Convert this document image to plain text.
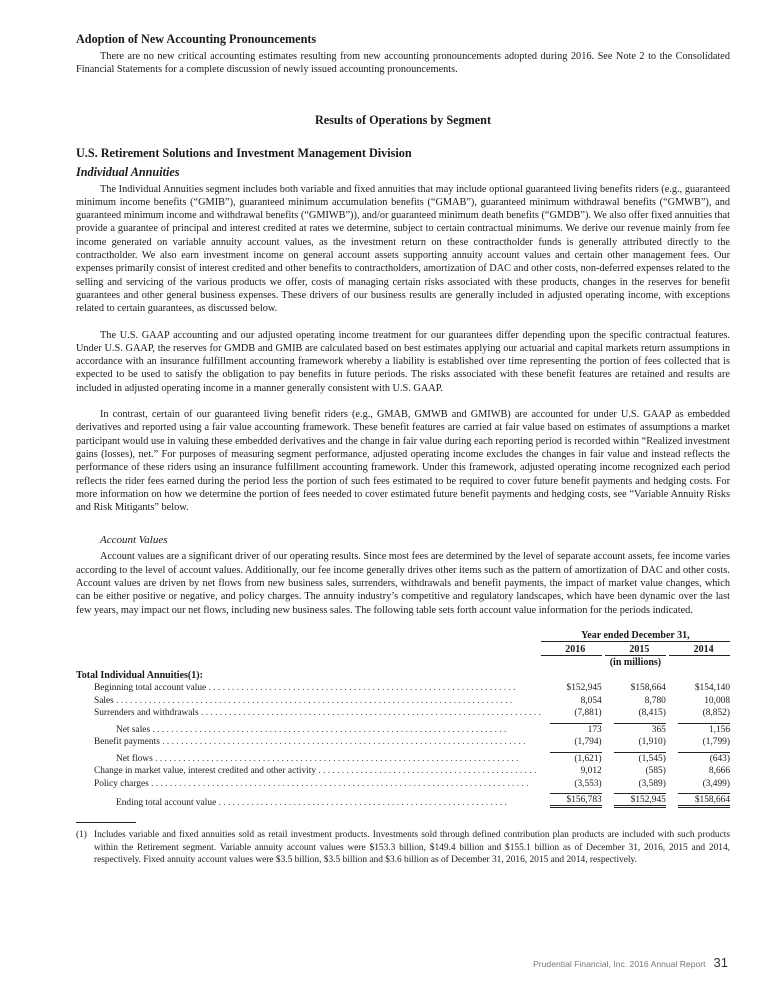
Adoption of New Accounting Pronouncements

There are no new critical accounting estimates resulting from new accounting pronouncements adopted during 2016. See Note 2 to the Consolidated Financial Statements for a complete discussion of newly issued accounting pronouncements.

Results of Operations by Segment
U.S. Retirement Solutions and Investment Management Division
Individual Annuities

The Individual Annuities segment includes both variable and fixed annuities that may include optional guaranteed living benefits riders (e.g., guaranteed minimum income benefits (“GMIB”), guaranteed minimum accumulation benefits (“GMAB”), guaranteed minimum withdrawal benefits (“GMWB”), and guaranteed minimum income and withdrawal benefits (“GMIWB”)), and/or guaranteed minimum death benefits (“GMDB”). We also offer fixed annuities that provide a guarantee of principal and interest credited at rates we determine, subject to certain contractual minimums. We derive our revenue mainly from fee income generated on variable annuity account values, as the investment return on these contractholder funds is generally attributed directly to the contractholder. We also earn investment income on general account assets supporting annuity account values and certain other management fees. Our expenses primarily consist of interest credited and other benefits to contractholders, amortization of DAC and other costs, non-deferred expenses related to the selling and servicing of the various products we offer, costs of managing certain risks associated with these products, changes in the reserves for benefit guarantees and other general business expenses. These drivers of our business results are generally included in adjusted operating income, with exceptions related to certain guarantees, as discussed below.

The U.S. GAAP accounting and our adjusted operating income treatment for our guarantees differ depending upon the specific contractual features. Under U.S. GAAP, the reserves for GMDB and GMIB are calculated based on best estimates applying our actuarial and capital markets return assumptions in accordance with an insurance fulfillment accounting framework whereby a liability is established over time representing the portion of fees collected that is expected to be used to satisfy the obligation to pay benefits in future periods. The risks associated with these benefit features are retained and results are included in adjusted operating income in a manner generally consistent with U.S. GAAP.

In contrast, certain of our guaranteed living benefit riders (e.g., GMAB, GMWB and GMIWB) are accounted for under U.S. GAAP as embedded derivatives and reported using a fair value accounting framework. These benefit features are carried at fair value based on estimates of assumptions a market participant would use in valuing these embedded derivatives and the change in fair value during each reporting period is recorded within “Realized investment gains (losses), net.” For purposes of measuring segment performance, adjusted operating income excludes the changes in fair value and instead reflects the performance of these riders using an insurance fulfillment accounting framework. Under this framework, adjusted operating income recognized each period reflects the rider fees earned during the period less the portion of such fees estimated to be required to cover future benefit payments and hedging costs. For more information on how we determine the portion of fees needed to cover estimated future benefit payments and hedging costs, see “Variable Annuity Risks and Risk Mitigants” below.

Account Values

Account values are a significant driver of our operating results. Since most fees are determined by the level of separate account assets, fee income varies according to the level of account values. Additionally, our fee income generally drives other items such as the pattern of amortization of DAC and other costs. Account values are driven by net flows from new business sales, surrenders, withdrawals and benefit payments, the impact of market value changes, which can be either positive or negative, and policy charges. The annuity industry’s competitive and regulatory landscapes, which have been dynamic over the last few years, may impact our net flows, including new business sales. The following table sets forth account value information for the periods indicated.

	Year ended December 31,				
	2016		2015		2014
	(in millions)				
Total Individual Annuities(1):					
Beginning total account value . . . . . . . . . . . . . . . . . . . . . . . . . . . . . . . . . . . . . . . . . . . . . . . . . . . . . . . . . . . . . . . . . .	$152,945		$158,664		$154,140
Sales . . . . . . . . . . . . . . . . . . . . . . . . . . . . . . . . . . . . . . . . . . . . . . . . . . . . . . . . . . . . . . . . . . . . . . . . . . . . . . . . . . . . .	8,054		8,780		10,008
Surrenders and withdrawals . . . . . . . . . . . . . . . . . . . . . . . . . . . . . . . . . . . . . . . . . . . . . . . . . . . . . . . . . . . . . . . . . . . . . . . . .	(7,881)		(8,415)		(8,852)
Net sales . . . . . . . . . . . . . . . . . . . . . . . . . . . . . . . . . . . . . . . . . . . . . . . . . . . . . . . . . . . . . . . . . . . . . . . . . . . .	173		365		1,156
Benefit payments . . . . . . . . . . . . . . . . . . . . . . . . . . . . . . . . . . . . . . . . . . . . . . . . . . . . . . . . . . . . . . . . . . . . . . . . . . . . . .	(1,794)		(1,910)		(1,799)
Net flows . . . . . . . . . . . . . . . . . . . . . . . . . . . . . . . . . . . . . . . . . . . . . . . . . . . . . . . . . . . . . . . . . . . . . . . . . . . . . .	(1,621)		(1,545)		(643)
Change in market value, interest credited and other activity . . . . . . . . . . . . . . . . . . . . . . . . . . . . . . . . . . . . . . . . . . . . . . .	9,012		(585)		8,666
Policy charges . . . . . . . . . . . . . . . . . . . . . . . . . . . . . . . . . . . . . . . . . . . . . . . . . . . . . . . . . . . . . . . . . . . . . . . . . . . . . . . . .	(3,553)		(3,589)		(3,499)
Ending total account value . . . . . . . . . . . . . . . . . . . . . . . . . . . . . . . . . . . . . . . . . . . . . . . . . . . . . . . . . . . . . .	$156,783		$152,945		$158,664
(1) Includes variable and fixed annuities sold as retail investment products. Investments sold through defined contribution plan products are included with such products within the Retirement segment. Variable annuity account values were $153.3 billion, $149.4 billion and $155.1 billion as of December 31, 2016, 2015 and 2014, respectively. Fixed annuity account values were $3.5 billion, $3.5 billion and $3.6 billion as of December 31, 2016, 2015 and 2014, respectively.
Prudential Financial, Inc. 2016 Annual Report 31
